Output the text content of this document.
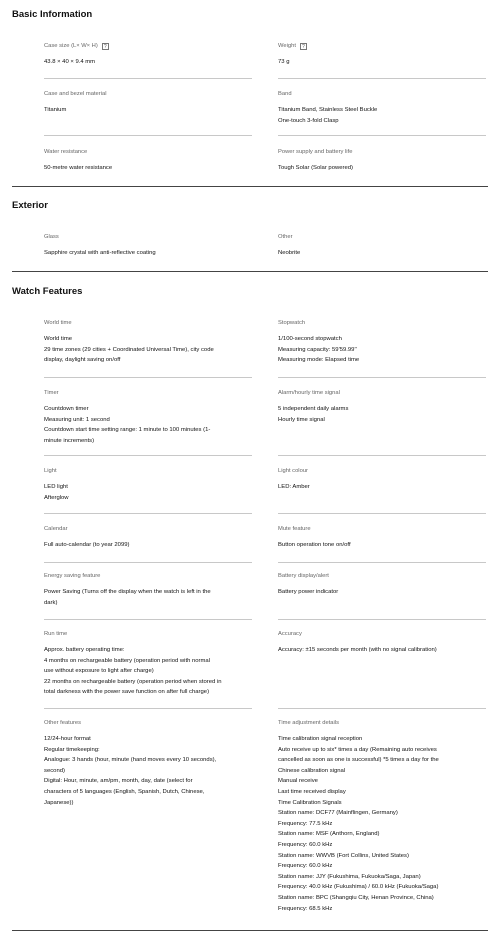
Basic Information
Case size (L× W× H)	?
43.8 × 40 × 9.4 mm
Weight	?
73 g
Case and bezel material
Titanium
Band
Titanium Band, Stainless Steel Buckle
One-touch 3-fold Clasp
Water resistance
50-metre water resistance
Power supply and battery life
Tough Solar (Solar powered)
Exterior
Glass
Sapphire crystal with anti-reflective coating
Other
Neobrite
Watch Features
World time
World time
29 time zones (29 cities + Coordinated Universal Time), city code
display, daylight saving on/off
Stopwatch
1/100-second stopwatch
Measuring capacity: 59'59.99''
Measuring mode: Elapsed time
Timer
Countdown timer
Measuring unit: 1 second
Countdown start time setting range: 1 minute to 100 minutes (1-
minute increments)
Alarm/hourly time signal
5 independent daily alarms
Hourly time signal
Light
LED light
Afterglow
Light colour
LED: Amber
Calendar
Full auto-calendar (to year 2099)
Mute feature
Button operation tone on/off
Energy saving feature
Power Saving (Turns off the display when the watch is left in the
dark)
Battery display/alert
Battery power indicator
Run time
Approx. battery operating time:
4 months on rechargeable battery (operation period with normal
use without exposure to light after charge)
22 months on rechargeable battery (operation period when stored in
total darkness with the power save function on after full charge)
Accuracy
Accuracy: ±15 seconds per month (with no signal calibration)
Other features
12/24-hour format
Regular timekeeping:
Analogue: 3 hands (hour, minute (hand moves every 10 seconds),
second)
Digital: Hour, minute, am/pm, month, day, date (select for
characters of 5 languages (English, Spanish, Dutch, Chinese,
Japanese))
Time adjustment details
Time calibration signal reception
Auto receive up to six* times a day (Remaining auto receives
cancelled as soon as one is successful) *5 times a day for the
Chinese calibration signal
Manual receive
Last time received display
Time Calibration Signals
Station name: DCF77 (Mainflingen, Germany)
Frequency: 77.5 kHz
Station name: MSF (Anthorn, England)
Frequency: 60.0 kHz
Station name: WWVB (Fort Collins, United States)
Frequency: 60.0 kHz
Station name: JJY (Fukushima, Fukuoka/Saga, Japan)
Frequency: 40.0 kHz (Fukushima) / 60.0 kHz (Fukuoka/Saga)
Station name: BPC (Shangqiu City, Henan Province, China)
Frequency: 68.5 kHz
